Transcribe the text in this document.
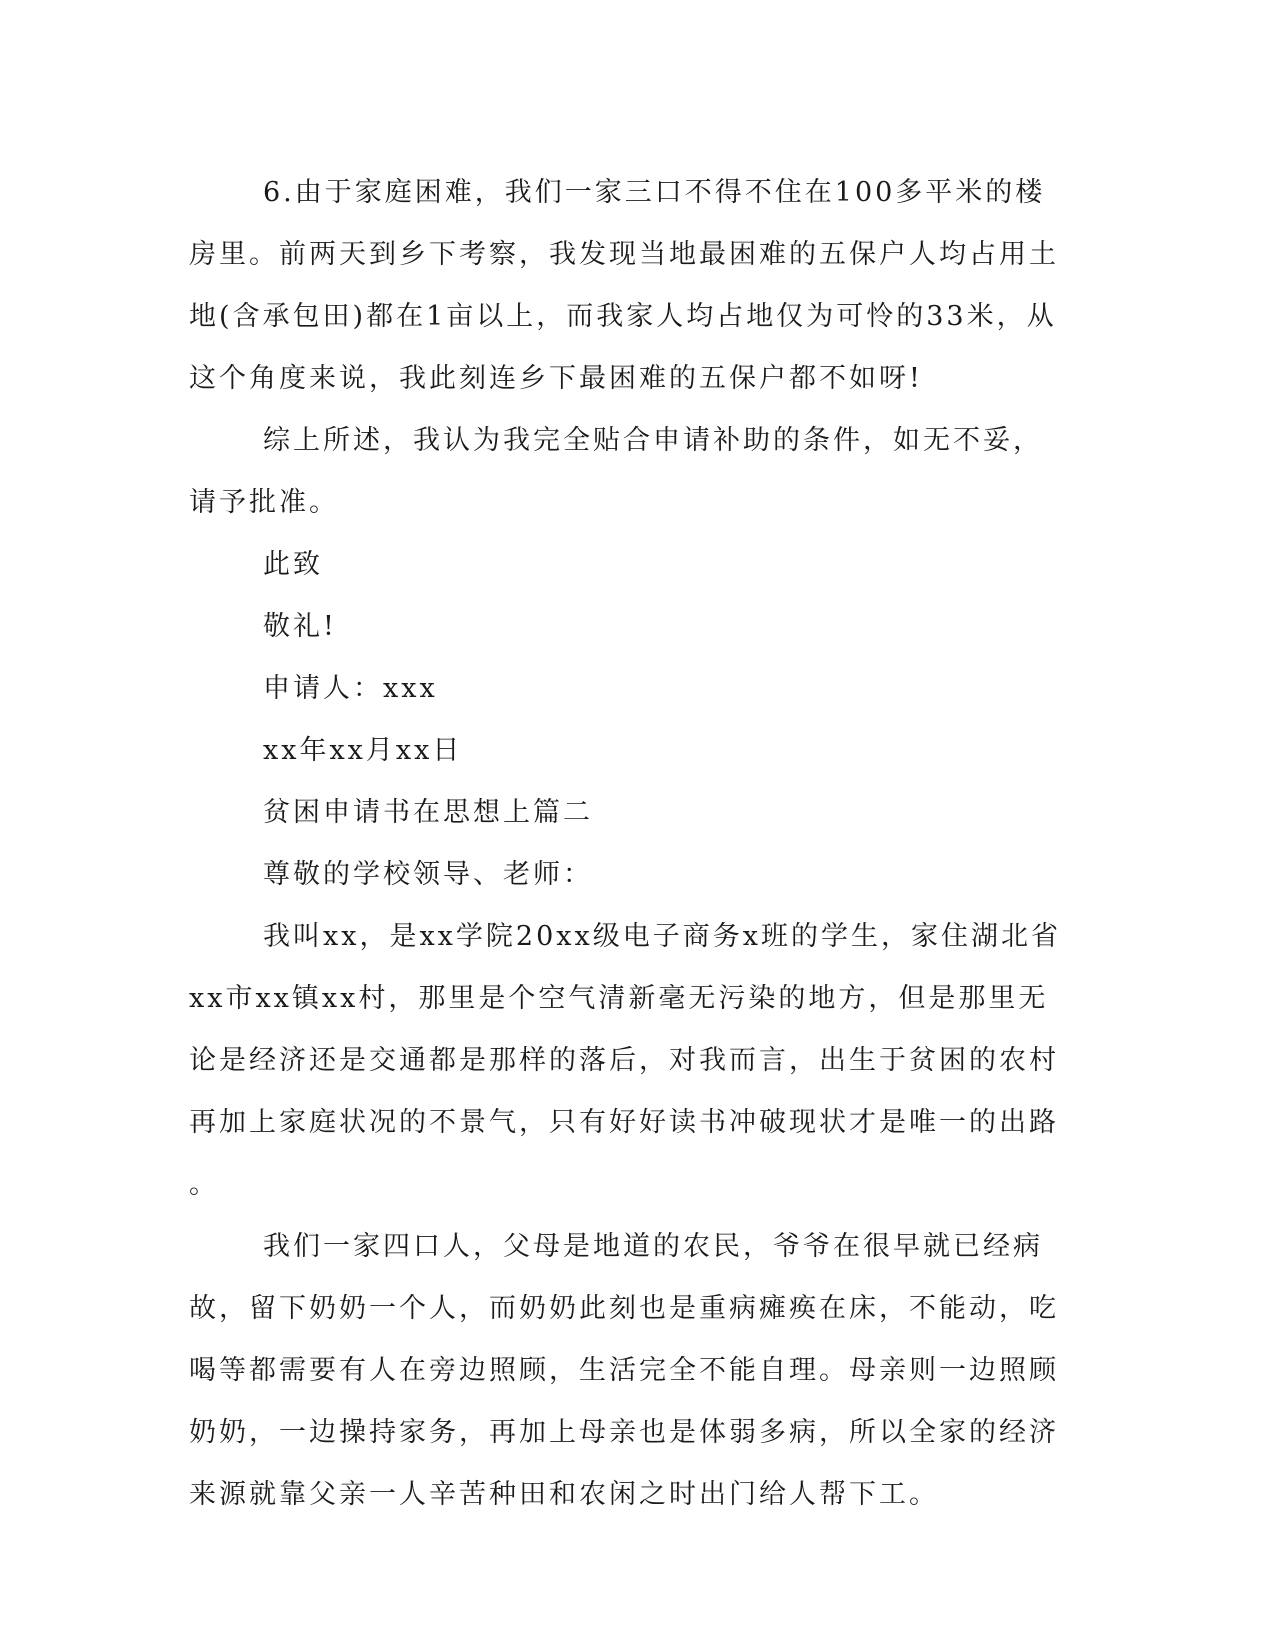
6.由于家庭困难，我们一家三口不得不住在100多平米的楼房里。前两天到乡下考察，我发现当地最困难的五保户人均占用土地(含承包田)都在1亩以上，而我家人均占地仅为可怜的33米，从这个角度来说，我此刻连乡下最困难的五保户都不如呀!

综上所述，我认为我完全贴合申请补助的条件，如无不妥，请予批准。

此致

敬礼!

申请人：xxx

xx年xx月xx日

贫困申请书在思想上篇二

尊敬的学校领导、老师：

我叫xx，是xx学院20xx级电子商务x班的学生，家住湖北省xx市xx镇xx村，那里是个空气清新毫无污染的地方，但是那里无论是经济还是交通都是那样的落后，对我而言，出生于贫困的农村再加上家庭状况的不景气，只有好好读书冲破现状才是唯一的出路。

我们一家四口人，父母是地道的农民，爷爷在很早就已经病故，留下奶奶一个人，而奶奶此刻也是重病瘫痪在床，不能动，吃喝等都需要有人在旁边照顾，生活完全不能自理。母亲则一边照顾奶奶，一边操持家务，再加上母亲也是体弱多病，所以全家的经济来源就靠父亲一人辛苦种田和农闲之时出门给人帮下工。
